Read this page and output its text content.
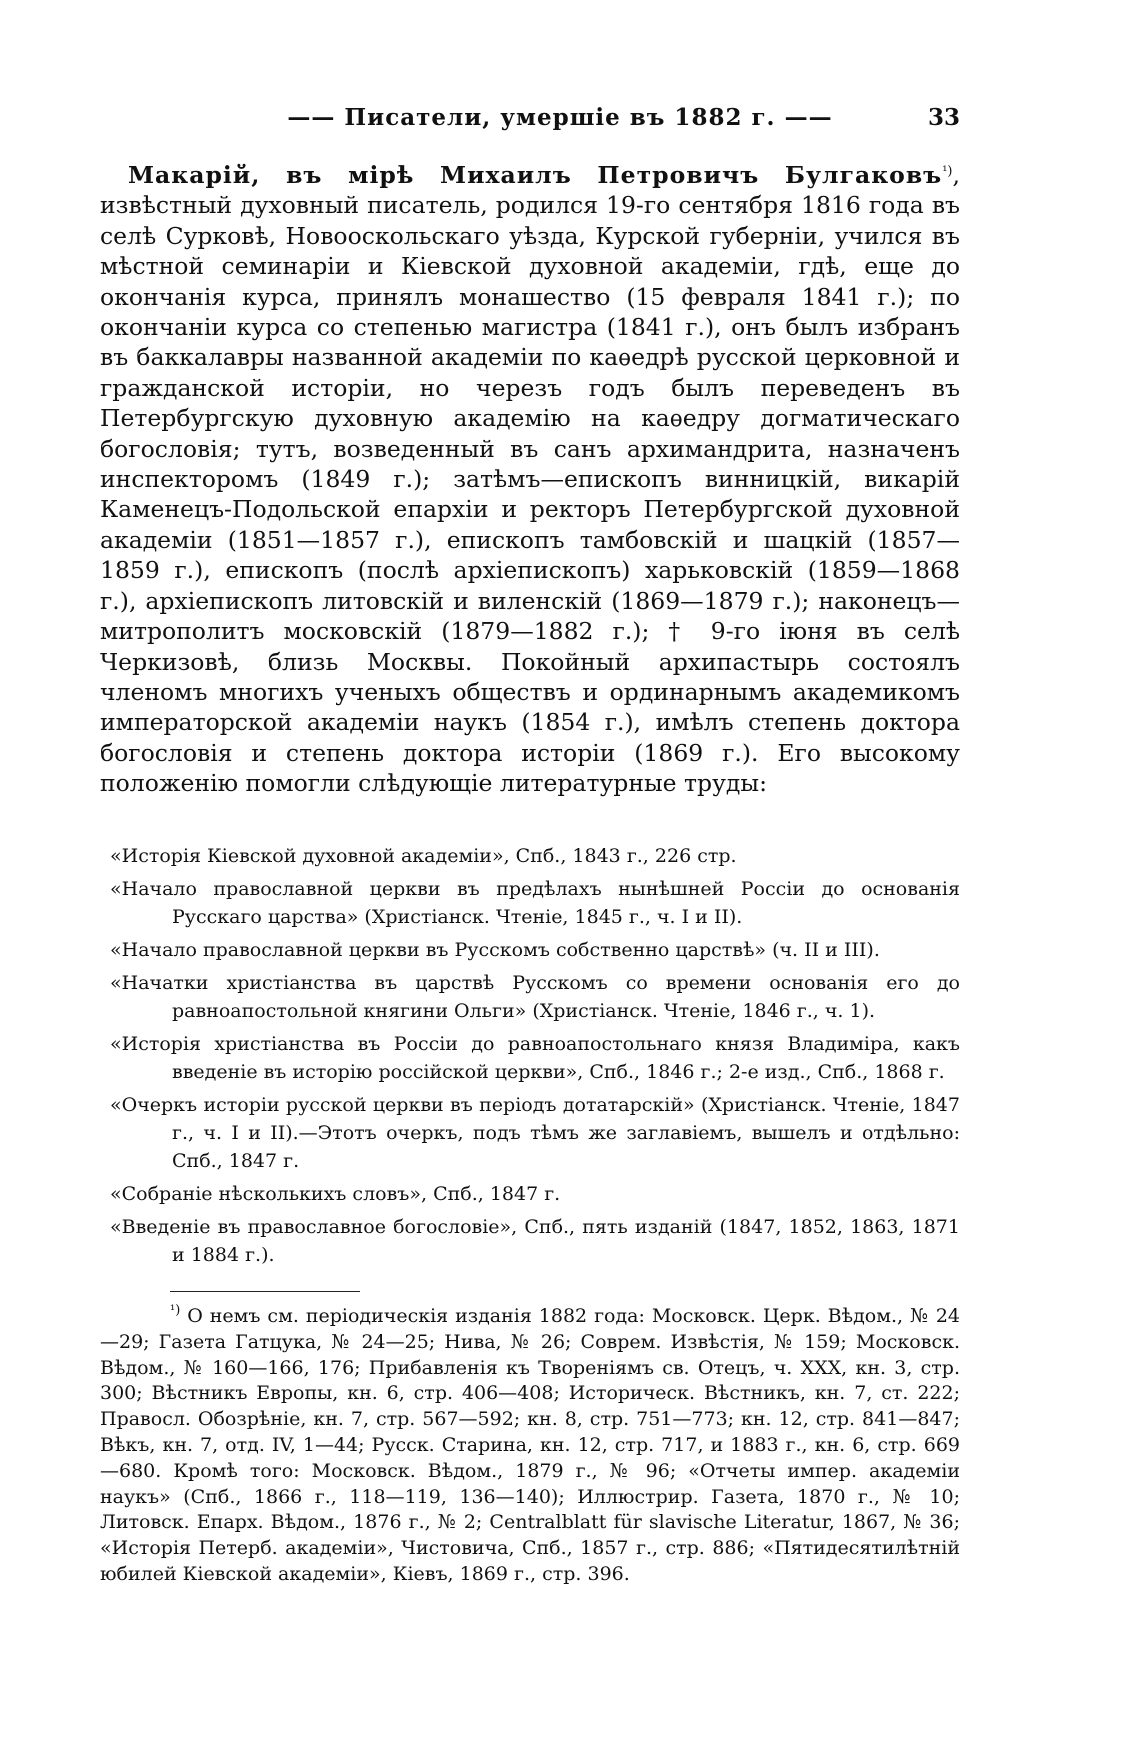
—— Писатели, умершіе въ 1882 г. ——	33

Макарій, въ мірѣ Михаилъ Петровичъ Булгаковъ$^{^1)}$, извѣстный духовный писатель, родился 19-го сентября 1816 года въ селѣ Сурковѣ, Новооскольскаго уѣзда, Курской губерніи, учился въ мѣстной семинаріи и Кіевской духовной академіи, гдѣ, еще до окончанія курса, принялъ монашество (15 февраля 1841 г.); по окончаніи курса со степенью магистра (1841 г.), онъ былъ избранъ въ баккалавры названной академіи по каѳедрѣ русской церковной и гражданской исторіи, но черезъ годъ былъ переведенъ въ Петербургскую духовную академію на каѳедру догматическаго богословія; тутъ, возведенный въ санъ архимандрита, назначенъ инспекторомъ (1849 г.); затѣмъ—епископъ винницкій, викарій Каменецъ-Подольской епархіи и ректоръ Петербургской духовной академіи (1851—1857 г.), епископъ тамбовскій и шацкій (1857—1859 г.), епископъ (послѣ архіепископъ) харьковскій (1859—1868 г.), архіепископъ литовскій и виленскій (1869—1879 г.); наконецъ—митрополитъ московскій (1879—1882 г.); † 9-го іюня въ селѣ Черкизовѣ, близь Москвы. Покойный архипастырь состоялъ членомъ многихъ ученыхъ обществъ и ординарнымъ академикомъ императорской академіи наукъ (1854 г.), имѣлъ степень доктора богословія и степень доктора исторіи (1869 г.). Его высокому положенію помогли слѣдующіе литературные труды:

«Исторія Кіевской духовной академіи», Спб., 1843 г., 226 стр.
«Начало православной церкви въ предѣлахъ нынѣшней Россіи до основанія Русскаго царства» (Христіанск. Чтеніе, 1845 г., ч. I и II).
«Начало православной церкви въ Русскомъ собственно царствѣ» (ч. II и III).
«Начатки христіанства въ царствѣ Русскомъ со времени основанія его до равноапостольной княгини Ольги» (Христіанск. Чтеніе, 1846 г., ч. 1).
«Исторія христіанства въ Россіи до равноапостольнаго князя Владиміра, какъ введеніе въ исторію россійской церкви», Спб., 1846 г.; 2-е изд., Спб., 1868 г.
«Очеркъ исторіи русской церкви въ періодъ дотатарскій» (Христіанск. Чтеніе, 1847 г., ч. I и II).—Этотъ очеркъ, подъ тѣмъ же заглавіемъ, вышелъ и отдѣльно: Спб., 1847 г.
«Собраніе нѣсколькихъ словъ», Спб., 1847 г.
«Введеніе въ православное богословіе», Спб., пять изданій (1847, 1852, 1863, 1871 и 1884 г.).

$^{^1)}$ О немъ см. періодическія изданія 1882 года: Московск. Церк. Вѣдом., № 24—29; Газета Гатцука, № 24—25; Нива, № 26; Соврем. Извѣстія, № 159; Московск. Вѣдом., № 160—166, 176; Прибавленія къ Твореніямъ св. Отецъ, ч. XXX, кн. 3, стр. 300; Вѣстникъ Европы, кн. 6, стр. 406—408; Историческ. Вѣстникъ, кн. 7, ст. 222; Правосл. Обозрѣніе, кн. 7, стр. 567—592; кн. 8, стр. 751—773; кн. 12, стр. 841—847; Вѣкъ, кн. 7, отд. IV, 1—44; Русск. Старина, кн. 12, стр. 717, и 1883 г., кн. 6, стр. 669—680. Кромѣ того: Московск. Вѣдом., 1879 г., № 96; «Отчеты импер. академіи наукъ» (Спб., 1866 г., 118—119, 136—140); Иллюстрир. Газета, 1870 г., № 10; Литовск. Епарх. Вѣдом., 1876 г., № 2; Centralblatt für slavische Literatur, 1867, № 36; «Исторія Петерб. академіи», Чистовича, Спб., 1857 г., стр. 886; «Пятидесятилѣтній юбилей Кіевской академіи», Кіевъ, 1869 г., стр. 396.
